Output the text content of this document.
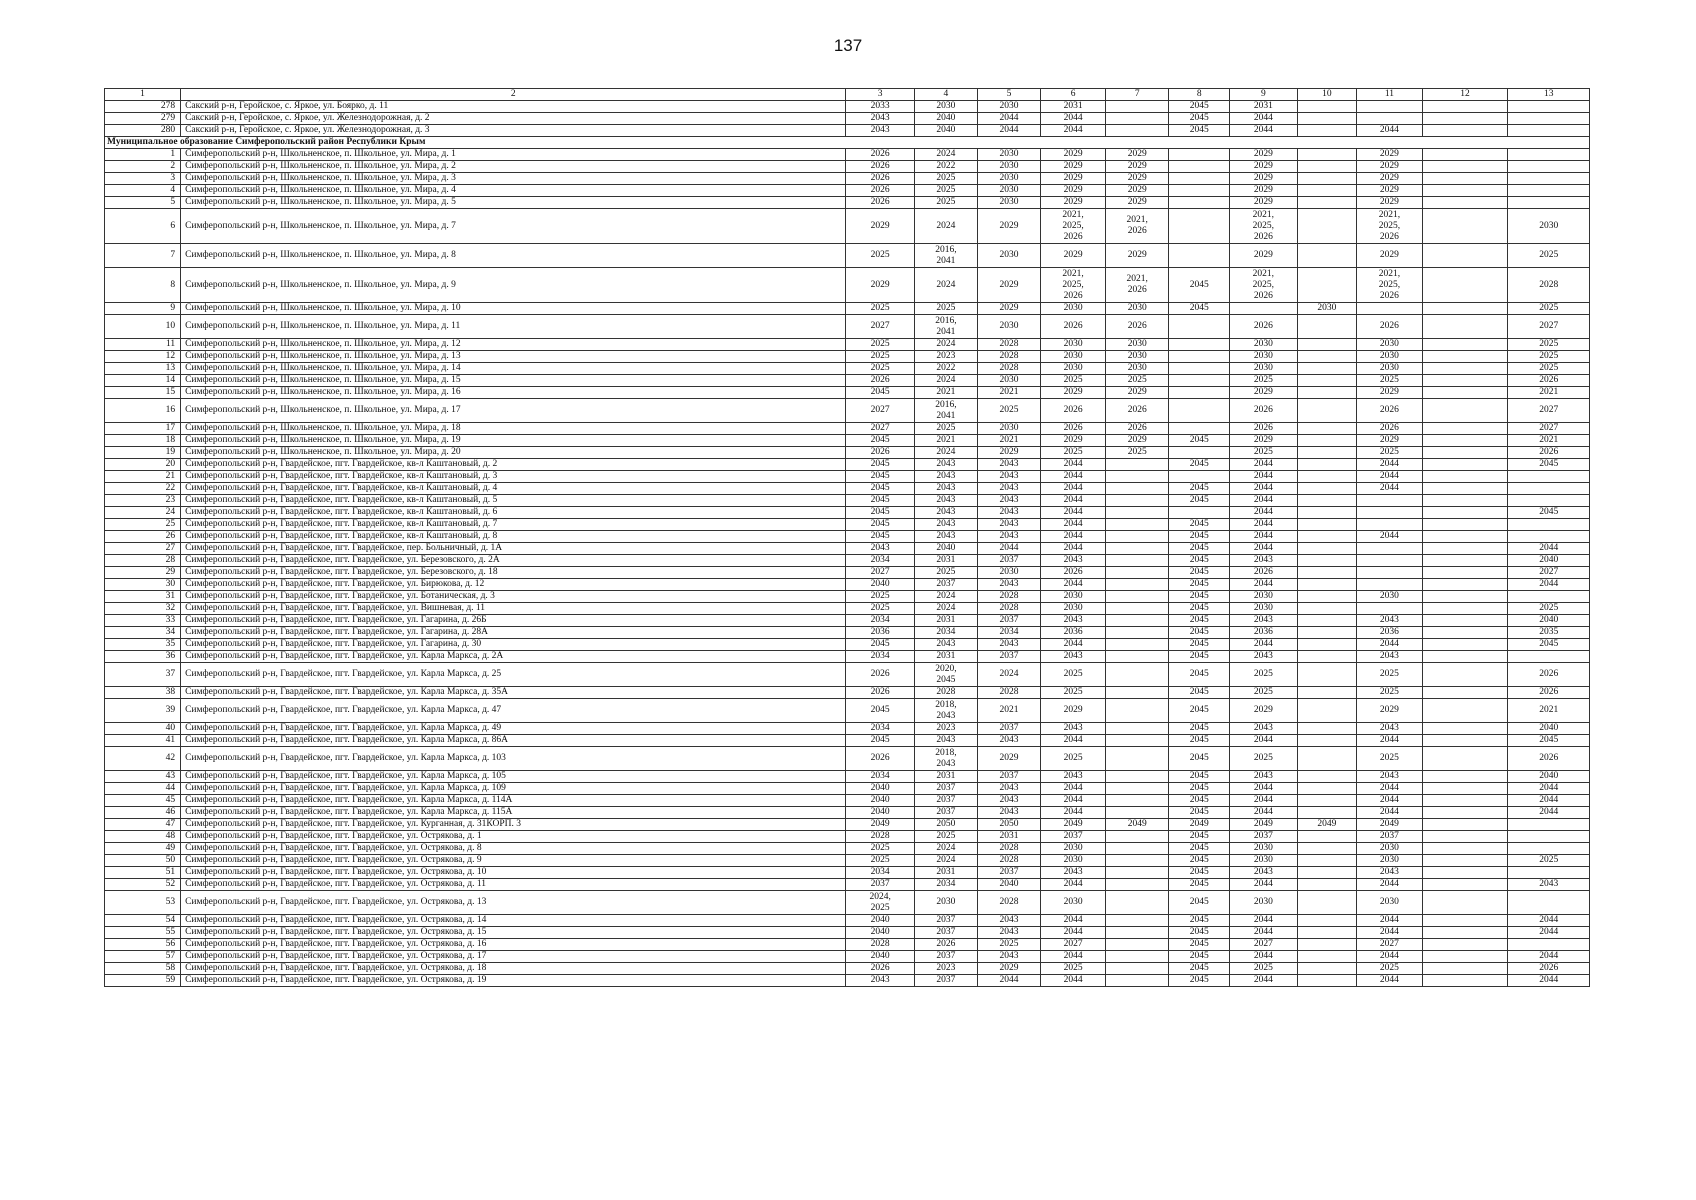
137
1	2	3	4	5	6	7	8	9	10	11	12	13
278	Сакский р-н, Геройское, с. Яркое, ул. Боярко, д. 11	2033	2030	2030	2031		2045	2031				
279	Сакский р-н, Геройское, с. Яркое, ул. Железнодорожная, д. 2	2043	2040	2044	2044		2045	2044				
280	Сакский р-н, Геройское, с. Яркое, ул. Железнодорожная, д. 3	2043	2040	2044	2044		2045	2044		2044		
Муниципальное образование Симферопольский район Республики Крым												
1	Симферопольский р-н, Школьненское, п. Школьное, ул. Мира, д. 1	2026	2024	2030	2029	2029		2029		2029		
2	Симферопольский р-н, Школьненское, п. Школьное, ул. Мира, д. 2	2026	2022	2030	2029	2029		2029		2029		
3	Симферопольский р-н, Школьненское, п. Школьное, ул. Мира, д. 3	2026	2025	2030	2029	2029		2029		2029		
4	Симферопольский р-н, Школьненское, п. Школьное, ул. Мира, д. 4	2026	2025	2030	2029	2029		2029		2029		
5	Симферопольский р-н, Школьненское, п. Школьное, ул. Мира, д. 5	2026	2025	2030	2029	2029		2029		2029		
6	Симферопольский р-н, Школьненское, п. Школьное, ул. Мира, д. 7	2029	2024	2029	2021,
2025,
2026	2021,
2026		2021,
2025,
2026		2021,
2025,
2026		2030
7	Симферопольский р-н, Школьненское, п. Школьное, ул. Мира, д. 8	2025	2016,
2041	2030	2029	2029		2029		2029		2025
8	Симферопольский р-н, Школьненское, п. Школьное, ул. Мира, д. 9	2029	2024	2029	2021,
2025,
2026	2021,
2026	2045	2021,
2025,
2026		2021,
2025,
2026		2028
9	Симферопольский р-н, Школьненское, п. Школьное, ул. Мира, д. 10	2025	2025	2029	2030	2030	2045		2030			2025
10	Симферопольский р-н, Школьненское, п. Школьное, ул. Мира, д. 11	2027	2016,
2041	2030	2026	2026		2026		2026		2027
11	Симферопольский р-н, Школьненское, п. Школьное, ул. Мира, д. 12	2025	2024	2028	2030	2030		2030		2030		2025
12	Симферопольский р-н, Школьненское, п. Школьное, ул. Мира, д. 13	2025	2023	2028	2030	2030		2030		2030		2025
13	Симферопольский р-н, Школьненское, п. Школьное, ул. Мира, д. 14	2025	2022	2028	2030	2030		2030		2030		2025
14	Симферопольский р-н, Школьненское, п. Школьное, ул. Мира, д. 15	2026	2024	2030	2025	2025		2025		2025		2026
15	Симферопольский р-н, Школьненское, п. Школьное, ул. Мира, д. 16	2045	2021	2021	2029	2029		2029		2029		2021
16	Симферопольский р-н, Школьненское, п. Школьное, ул. Мира, д. 17	2027	2016,
2041	2025	2026	2026		2026		2026		2027
17	Симферопольский р-н, Школьненское, п. Школьное, ул. Мира, д. 18	2027	2025	2030	2026	2026		2026		2026		2027
18	Симферопольский р-н, Школьненское, п. Школьное, ул. Мира, д. 19	2045	2021	2021	2029	2029	2045	2029		2029		2021
19	Симферопольский р-н, Школьненское, п. Школьное, ул. Мира, д. 20	2026	2024	2029	2025	2025		2025		2025		2026
20	Симферопольский р-н, Гвардейское, пгт. Гвардейское, кв-л Каштановый, д. 2	2045	2043	2043	2044		2045	2044		2044		2045
21	Симферопольский р-н, Гвардейское, пгт. Гвардейское, кв-л Каштановый, д. 3	2045	2043	2043	2044			2044		2044		
22	Симферопольский р-н, Гвардейское, пгт. Гвардейское, кв-л Каштановый, д. 4	2045	2043	2043	2044		2045	2044		2044		
23	Симферопольский р-н, Гвардейское, пгт. Гвардейское, кв-л Каштановый, д. 5	2045	2043	2043	2044		2045	2044				
24	Симферопольский р-н, Гвардейское, пгт. Гвардейское, кв-л Каштановый, д. 6	2045	2043	2043	2044			2044				2045
25	Симферопольский р-н, Гвардейское, пгт. Гвардейское, кв-л Каштановый, д. 7	2045	2043	2043	2044		2045	2044				
26	Симферопольский р-н, Гвардейское, пгт. Гвардейское, кв-л Каштановый, д. 8	2045	2043	2043	2044		2045	2044		2044		
27	Симферопольский р-н, Гвардейское, пгт. Гвардейское, пер. Больничный, д. 1А	2043	2040	2044	2044		2045	2044				2044
28	Симферопольский р-н, Гвардейское, пгт. Гвардейское, ул. Березовского, д. 2А	2034	2031	2037	2043		2045	2043				2040
29	Симферопольский р-н, Гвардейское, пгт. Гвардейское, ул. Березовского, д. 18	2027	2025	2030	2026		2045	2026				2027
30	Симферопольский р-н, Гвардейское, пгт. Гвардейское, ул. Бирюкова, д. 12	2040	2037	2043	2044		2045	2044				2044
31	Симферопольский р-н, Гвардейское, пгт. Гвардейское, ул. Ботаническая, д. 3	2025	2024	2028	2030		2045	2030		2030		
32	Симферопольский р-н, Гвардейское, пгт. Гвардейское, ул. Вишневая, д. 11	2025	2024	2028	2030		2045	2030				2025
33	Симферопольский р-н, Гвардейское, пгт. Гвардейское, ул. Гагарина, д. 26Б	2034	2031	2037	2043		2045	2043		2043		2040
34	Симферопольский р-н, Гвардейское, пгт. Гвардейское, ул. Гагарина, д. 28А	2036	2034	2034	2036		2045	2036		2036		2035
35	Симферопольский р-н, Гвардейское, пгт. Гвардейское, ул. Гагарина, д. 30	2045	2043	2043	2044		2045	2044		2044		2045
36	Симферопольский р-н, Гвардейское, пгт. Гвардейское, ул. Карла Маркса, д. 2А	2034	2031	2037	2043		2045	2043		2043		
37	Симферопольский р-н, Гвардейское, пгт. Гвардейское, ул. Карла Маркса, д. 25	2026	2020,
2045	2024	2025		2045	2025		2025		2026
38	Симферопольский р-н, Гвардейское, пгт. Гвардейское, ул. Карла Маркса, д. 35А	2026	2028	2028	2025		2045	2025		2025		2026
39	Симферопольский р-н, Гвардейское, пгт. Гвардейское, ул. Карла Маркса, д. 47	2045	2018,
2043	2021	2029		2045	2029		2029		2021
40	Симферопольский р-н, Гвардейское, пгт. Гвардейское, ул. Карла Маркса, д. 49	2034	2023	2037	2043		2045	2043		2043		2040
41	Симферопольский р-н, Гвардейское, пгт. Гвардейское, ул. Карла Маркса, д. 86А	2045	2043	2043	2044		2045	2044		2044		2045
42	Симферопольский р-н, Гвардейское, пгт. Гвардейское, ул. Карла Маркса, д. 103	2026	2018,
2043	2029	2025		2045	2025		2025		2026
43	Симферопольский р-н, Гвардейское, пгт. Гвардейское, ул. Карла Маркса, д. 105	2034	2031	2037	2043		2045	2043		2043		2040
44	Симферопольский р-н, Гвардейское, пгт. Гвардейское, ул. Карла Маркса, д. 109	2040	2037	2043	2044		2045	2044		2044		2044
45	Симферопольский р-н, Гвардейское, пгт. Гвардейское, ул. Карла Маркса, д. 114А	2040	2037	2043	2044		2045	2044		2044		2044
46	Симферопольский р-н, Гвардейское, пгт. Гвардейское, ул. Карла Маркса, д. 115А	2040	2037	2043	2044		2045	2044		2044		2044
47	Симферопольский р-н, Гвардейское, пгт. Гвардейское, ул. Курганная, д. 31КОРП. 3	2049	2050	2050	2049	2049	2049	2049	2049	2049		
48	Симферопольский р-н, Гвардейское, пгт. Гвардейское, ул. Острякова, д. 1	2028	2025	2031	2037		2045	2037		2037		
49	Симферопольский р-н, Гвардейское, пгт. Гвардейское, ул. Острякова, д. 8	2025	2024	2028	2030		2045	2030		2030		
50	Симферопольский р-н, Гвардейское, пгт. Гвардейское, ул. Острякова, д. 9	2025	2024	2028	2030		2045	2030		2030		2025
51	Симферопольский р-н, Гвардейское, пгт. Гвардейское, ул. Острякова, д. 10	2034	2031	2037	2043		2045	2043		2043		
52	Симферопольский р-н, Гвардейское, пгт. Гвардейское, ул. Острякова, д. 11	2037	2034	2040	2044		2045	2044		2044		2043
53	Симферопольский р-н, Гвардейское, пгт. Гвардейское, ул. Острякова, д. 13	2024,
2025	2030	2028	2030		2045	2030		2030		
54	Симферопольский р-н, Гвардейское, пгт. Гвардейское, ул. Острякова, д. 14	2040	2037	2043	2044		2045	2044		2044		2044
55	Симферопольский р-н, Гвардейское, пгт. Гвардейское, ул. Острякова, д. 15	2040	2037	2043	2044		2045	2044		2044		2044
56	Симферопольский р-н, Гвардейское, пгт. Гвардейское, ул. Острякова, д. 16	2028	2026	2025	2027		2045	2027		2027		
57	Симферопольский р-н, Гвардейское, пгт. Гвардейское, ул. Острякова, д. 17	2040	2037	2043	2044		2045	2044		2044		2044
58	Симферопольский р-н, Гвардейское, пгт. Гвардейское, ул. Острякова, д. 18	2026	2023	2029	2025		2045	2025		2025		2026
59	Симферопольский р-н, Гвардейское, пгт. Гвардейское, ул. Острякова, д. 19	2043	2037	2044	2044		2045	2044		2044		2044
